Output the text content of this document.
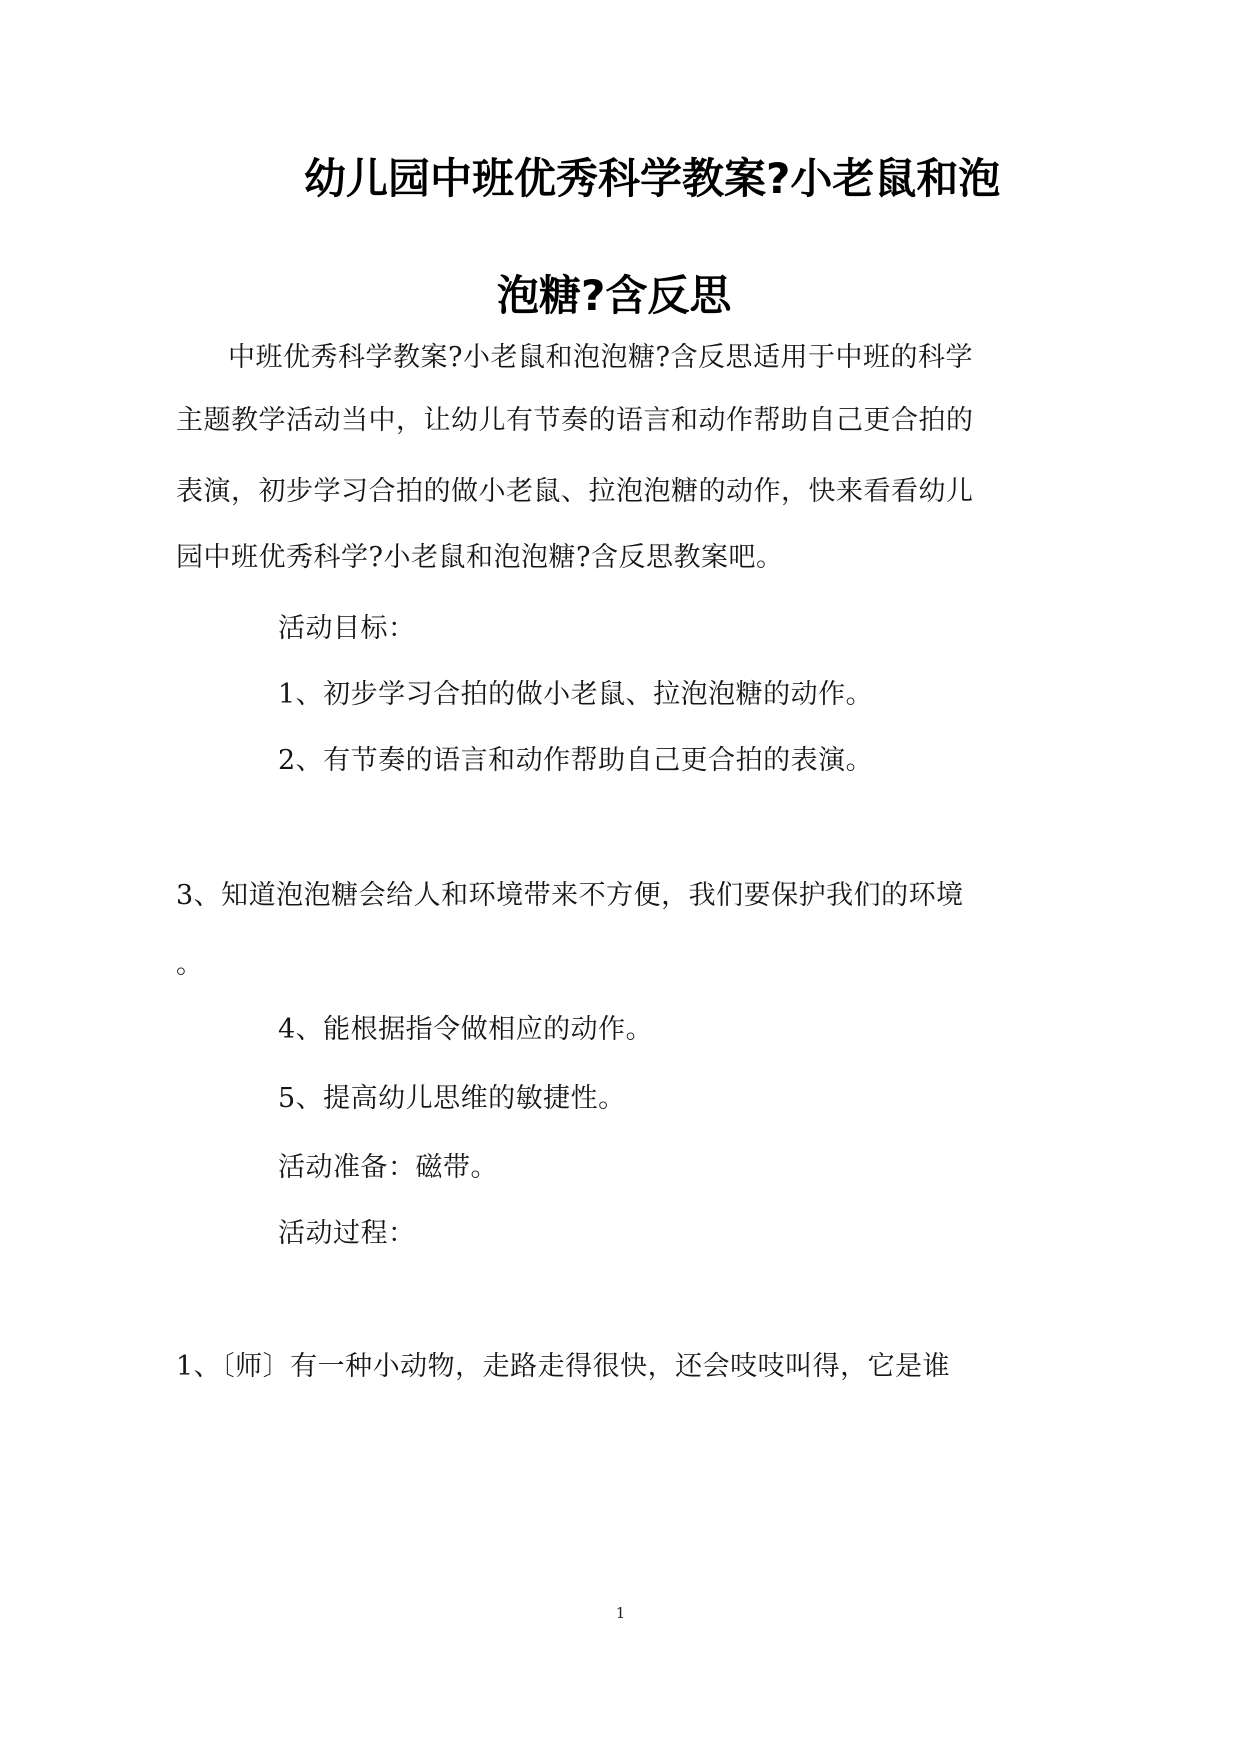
幼儿园中班优秀科学教案?小老鼠和泡
泡糖?含反思

中班优秀科学教案?小老鼠和泡泡糖?含反思适用于中班的科学

主题教学活动当中，让幼儿有节奏的语言和动作帮助自己更合拍的

表演，初步学习合拍的做小老鼠、拉泡泡糖的动作，快来看看幼儿

园中班优秀科学?小老鼠和泡泡糖?含反思教案吧。

活动目标：

1、初步学习合拍的做小老鼠、拉泡泡糖的动作。

2、有节奏的语言和动作帮助自己更合拍的表演。

3、知道泡泡糖会给人和环境带来不方便，我们要保护我们的环境

。

4、能根据指令做相应的动作。

5、提高幼儿思维的敏捷性。

活动准备：磁带。

活动过程：

1、〔师〕有一种小动物，走路走得很快，还会吱吱叫得，它是谁

1
